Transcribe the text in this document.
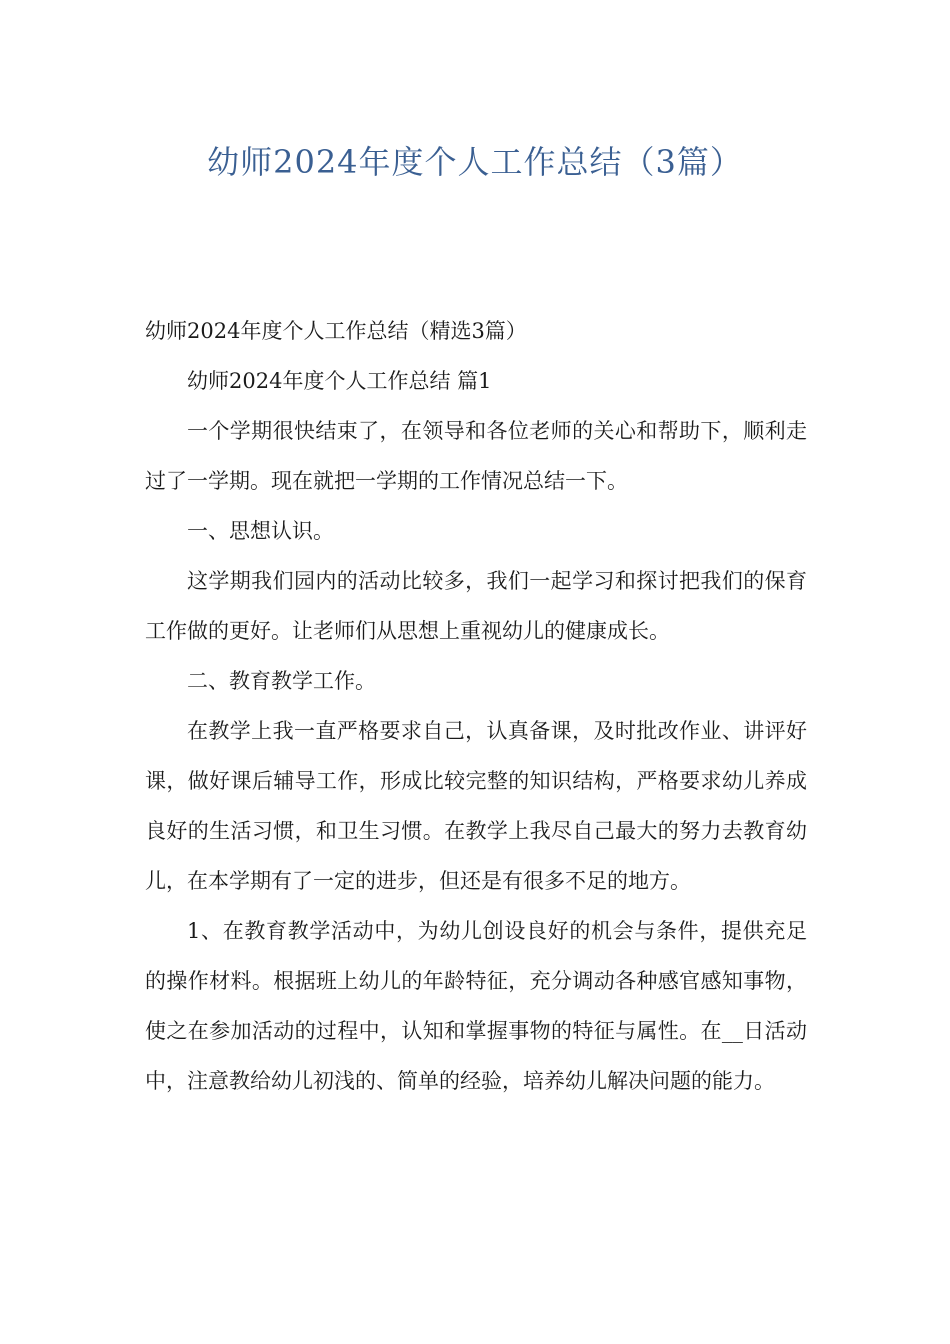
幼师2024年度个人工作总结（3篇）

幼师2024年度个人工作总结（精选3篇）

幼师2024年度个人工作总结 篇1

一个学期很快结束了，在领导和各位老师的关心和帮助下，顺利走过了一学期。现在就把一学期的工作情况总结一下。

一、思想认识。

这学期我们园内的活动比较多，我们一起学习和探讨把我们的保育工作做的更好。让老师们从思想上重视幼儿的健康成长。

二、教育教学工作。

在教学上我一直严格要求自己，认真备课，及时批改作业、讲评好课，做好课后辅导工作，形成比较完整的知识结构，严格要求幼儿养成良好的生活习惯，和卫生习惯。在教学上我尽自己最大的努力去教育幼儿，在本学期有了一定的进步，但还是有很多不足的地方。

1、在教育教学活动中，为幼儿创设良好的机会与条件，提供充足的操作材料。根据班上幼儿的年龄特征，充分调动各种感官感知事物，使之在参加活动的过程中，认知和掌握事物的特征与属性。在__日活动中，注意教给幼儿初浅的、简单的经验，培养幼儿解决问题的能力。
